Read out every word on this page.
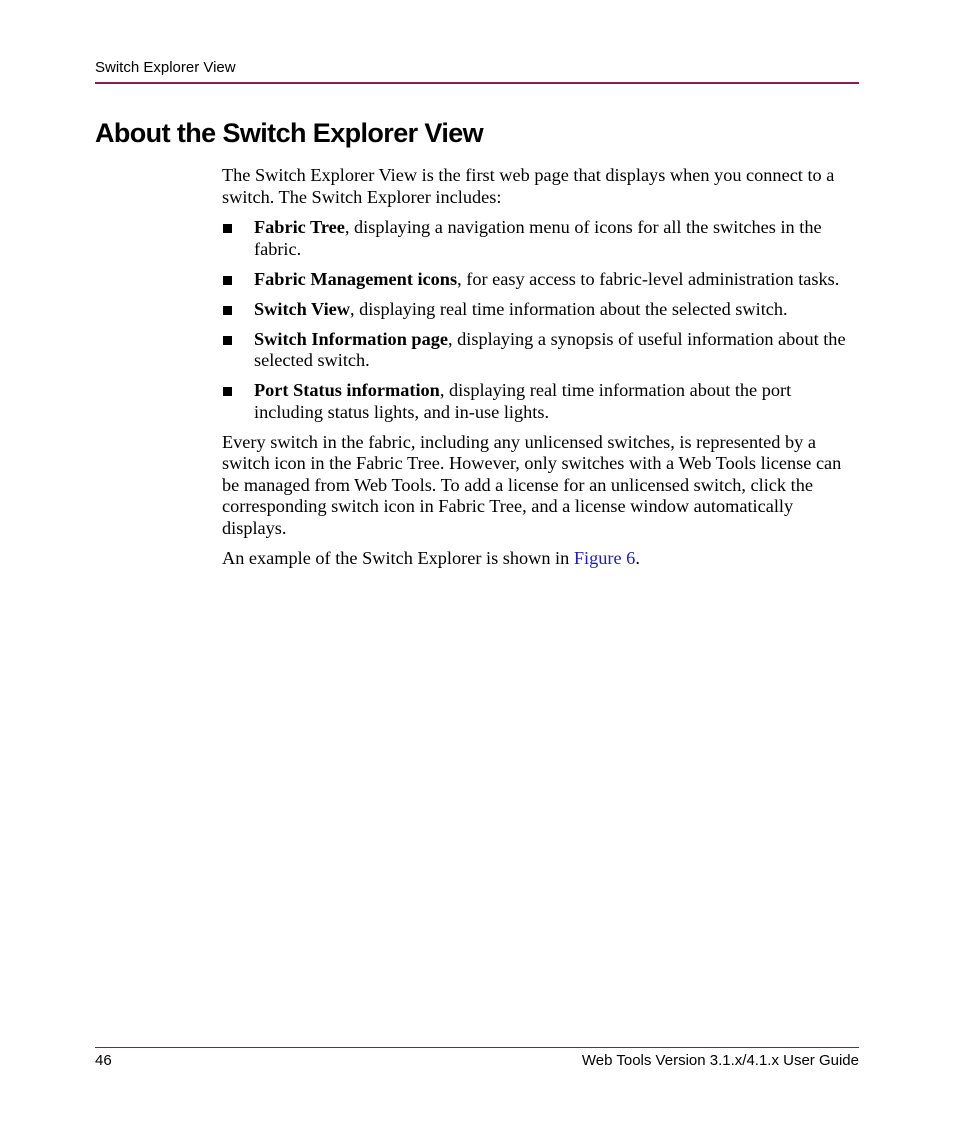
Switch Explorer View
About the Switch Explorer View

The Switch Explorer View is the first web page that displays when you connect to a switch. The Switch Explorer includes:

Fabric Tree, displaying a navigation menu of icons for all the switches in the fabric.
Fabric Management icons, for easy access to fabric-level administration tasks.
Switch View, displaying real time information about the selected switch.
Switch Information page, displaying a synopsis of useful information about the selected switch.
Port Status information, displaying real time information about the port including status lights, and in-use lights.

Every switch in the fabric, including any unlicensed switches, is represented by a switch icon in the Fabric Tree. However, only switches with a Web Tools license can be managed from Web Tools. To add a license for an unlicensed switch, click the corresponding switch icon in Fabric Tree, and a license window automatically displays.

An example of the Switch Explorer is shown in Figure 6.

46	Web Tools Version 3.1.x/4.1.x User Guide
